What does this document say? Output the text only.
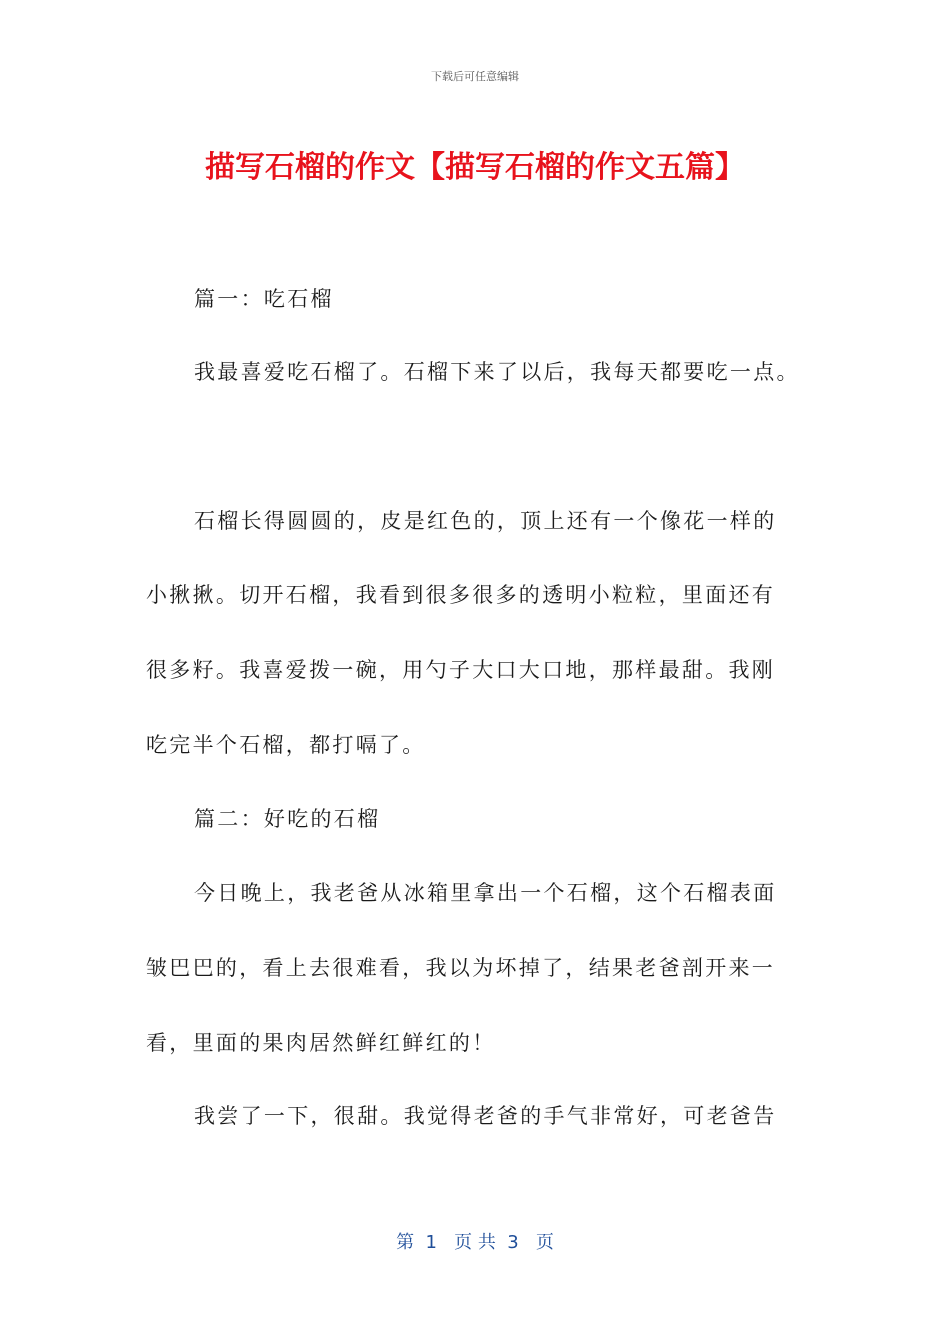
下载后可任意编辑
描写石榴的作文【描写石榴的作文五篇】
篇一：吃石榴
我最喜爱吃石榴了。石榴下来了以后，我每天都要吃一点。
石榴长得圆圆的，皮是红色的，顶上还有一个像花一样的
小揪揪。切开石榴，我看到很多很多的透明小粒粒，里面还有
很多籽。我喜爱拨一碗，用勺子大口大口地，那样最甜。我刚
吃完半个石榴，都打嗝了。
篇二：好吃的石榴
今日晚上，我老爸从冰箱里拿出一个石榴，这个石榴表面
皱巴巴的，看上去很难看，我以为坏掉了，结果老爸剖开来一
看，里面的果肉居然鲜红鲜红的！
我尝了一下，很甜。我觉得老爸的手气非常好，可老爸告
第  1   页 共  3   页
